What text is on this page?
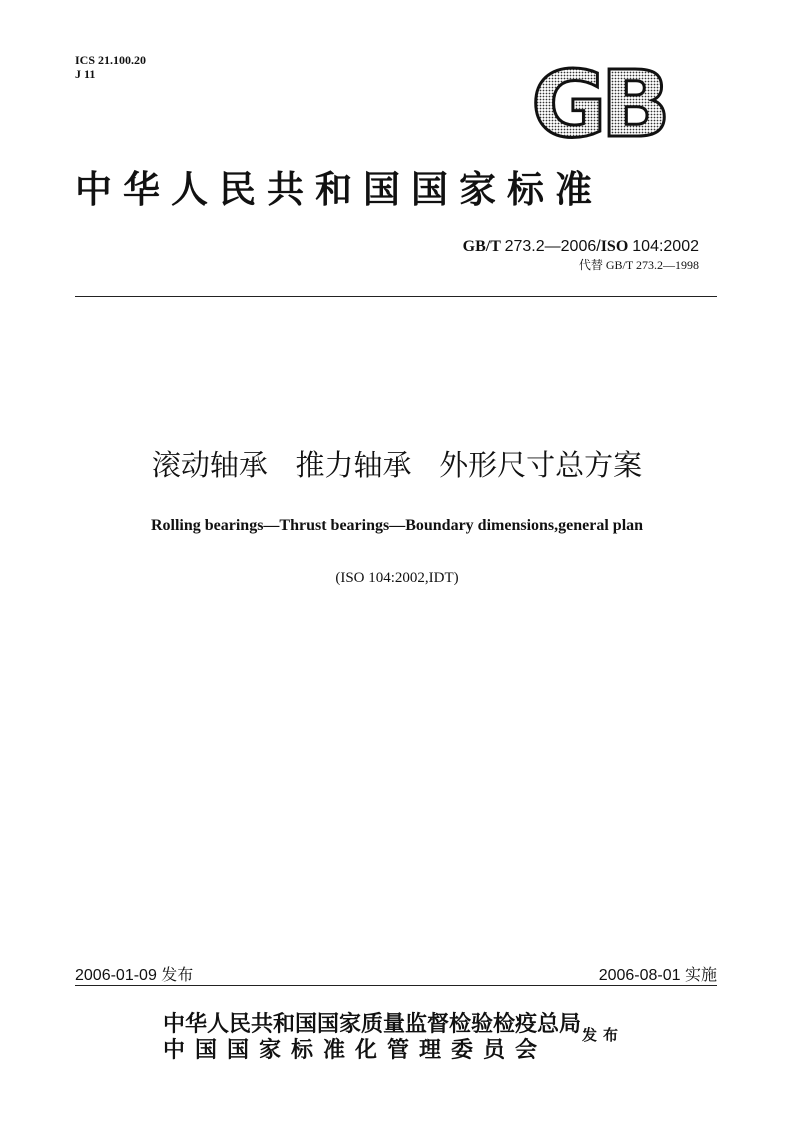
ICS 21.100.20
J 11	GB
中华人民共和国国家标准
GB/T 273.2—2006/ISO 104:2002
代替 GB/T 273.2—1998
滚动轴承   推力轴承   外形尺寸总方案
Rolling bearings—Thrust bearings—Boundary dimensions,general plan
(ISO 104:2002,IDT)
2006-01-09 发布	2006-08-01 实施
中华人民共和国国家质量监督检验检疫总局
中国国家标准化管理委员会
发布
